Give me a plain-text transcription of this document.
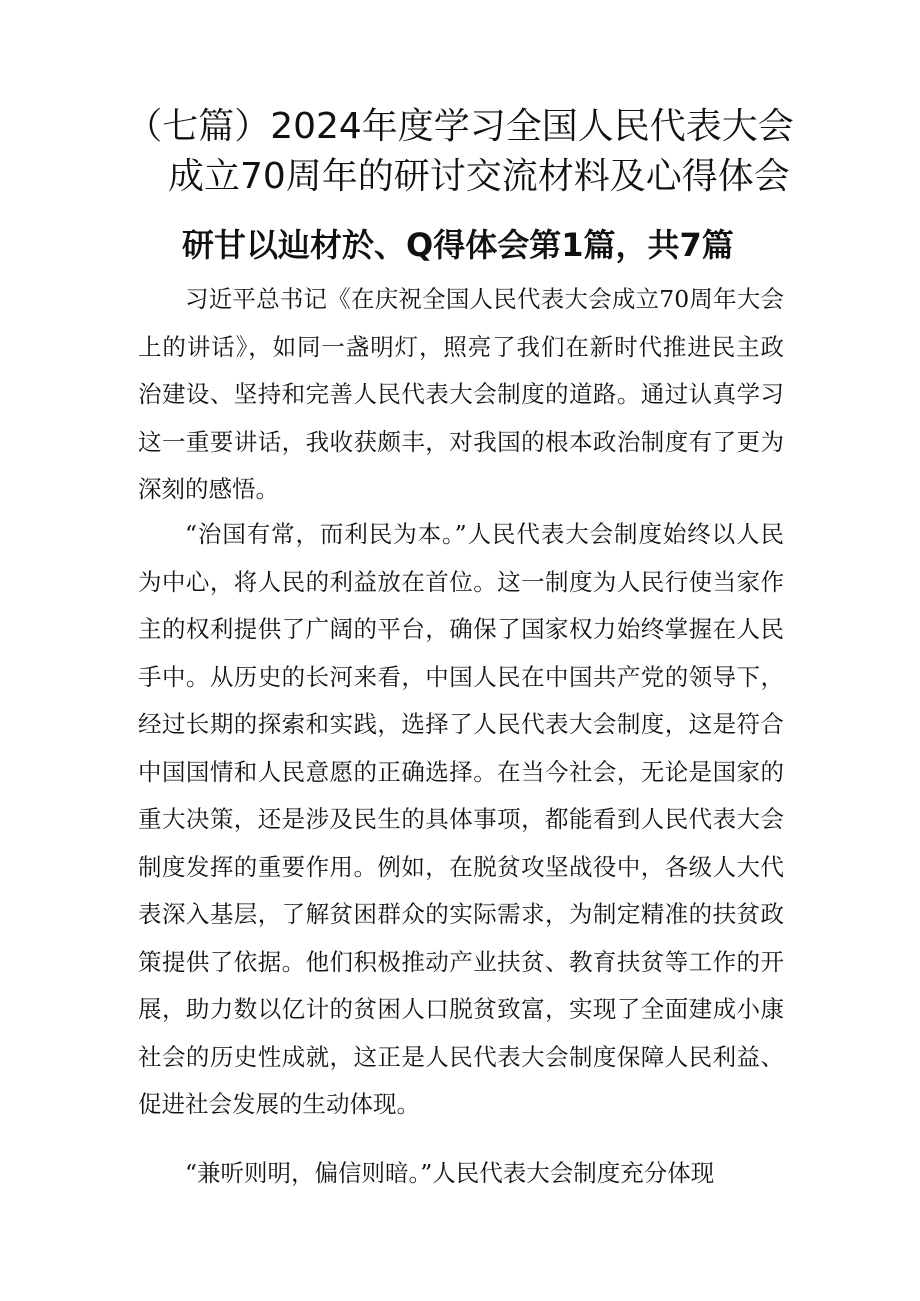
（七篇）2024年度学习全国人民代表大会
成立70周年的研讨交流材料及心得体会
研甘以辿材於、Q得体会第1篇，共7篇

习近平总书记《在庆祝全国人民代表大会成立70周年大会上的讲话》，如同一盏明灯，照亮了我们在新时代推进民主政治建设、坚持和完善人民代表大会制度的道路。通过认真学习这一重要讲话，我收获颇丰，对我国的根本政治制度有了更为深刻的感悟。

“治国有常，而利民为本。”人民代表大会制度始终以人民为中心，将人民的利益放在首位。这一制度为人民行使当家作主的权利提供了广阔的平台，确保了国家权力始终掌握在人民手中。从历史的长河来看，中国人民在中国共产党的领导下，经过长期的探索和实践，选择了人民代表大会制度，这是符合中国国情和人民意愿的正确选择。在当今社会，无论是国家的重大决策，还是涉及民生的具体事项，都能看到人民代表大会制度发挥的重要作用。例如，在脱贫攻坚战役中，各级人大代表深入基层，了解贫困群众的实际需求，为制定精准的扶贫政策提供了依据。他们积极推动产业扶贫、教育扶贫等工作的开展，助力数以亿计的贫困人口脱贫致富，实现了全面建成小康社会的历史性成就，这正是人民代表大会制度保障人民利益、促进社会发展的生动体现。

“兼听则明，偏信则暗。”人民代表大会制度充分体现
